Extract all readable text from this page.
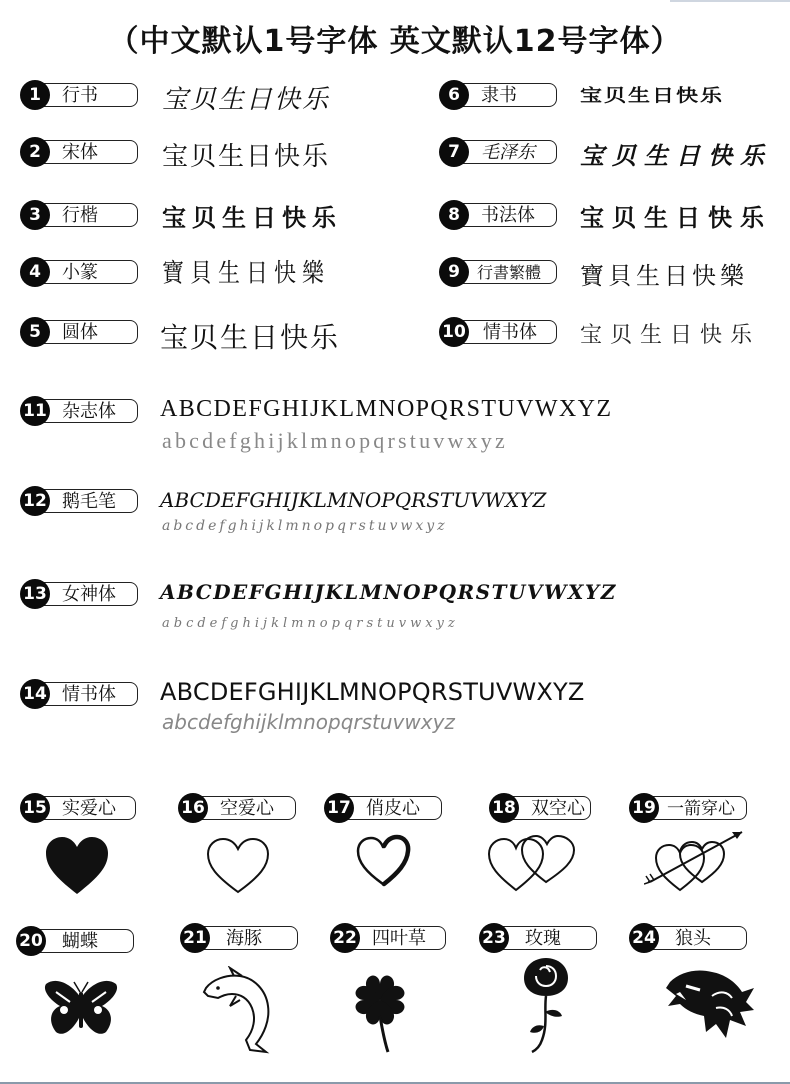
（中文默认1号字体 英文默认12号字体）
1	行书	宝贝生日快乐
2	宋体	宝贝生日快乐
3	行楷	宝贝生日快乐
4	小篆	寶貝生日快樂
5	圆体	宝贝生日快乐
6	隶书	宝贝生日快乐
7	毛泽东	宝贝生日快乐
8	书法体	宝贝生日快乐
9	行書繁體	寶貝生日快樂
10 情书体	宝贝生日快乐
11 杂志体	ABCDEFGHIJKLMNOPQRSTUVWXYZ
abcdefghijklmnopqrstuvwxyz
12 鹅毛笔	ABCDEFGHIJKLMNOPQRSTUVWXYZ
abcdefghijklmnopqrstuvwxyz
13 女神体	ABCDEFGHIJKLMNOPQRSTUVWXYZ
abcdefghijklmnopqrstuvwxyz
14 情书体	ABCDEFGHIJKLMNOPQRSTUVWXYZ
abcdefghijklmnopqrstuvwxyz
15 实爱心	16 空爱心	17 俏皮心	18 双空心	19 一箭穿心
20 蝴蝶	21 海豚	22 四叶草	23 玫瑰	24 狼头
